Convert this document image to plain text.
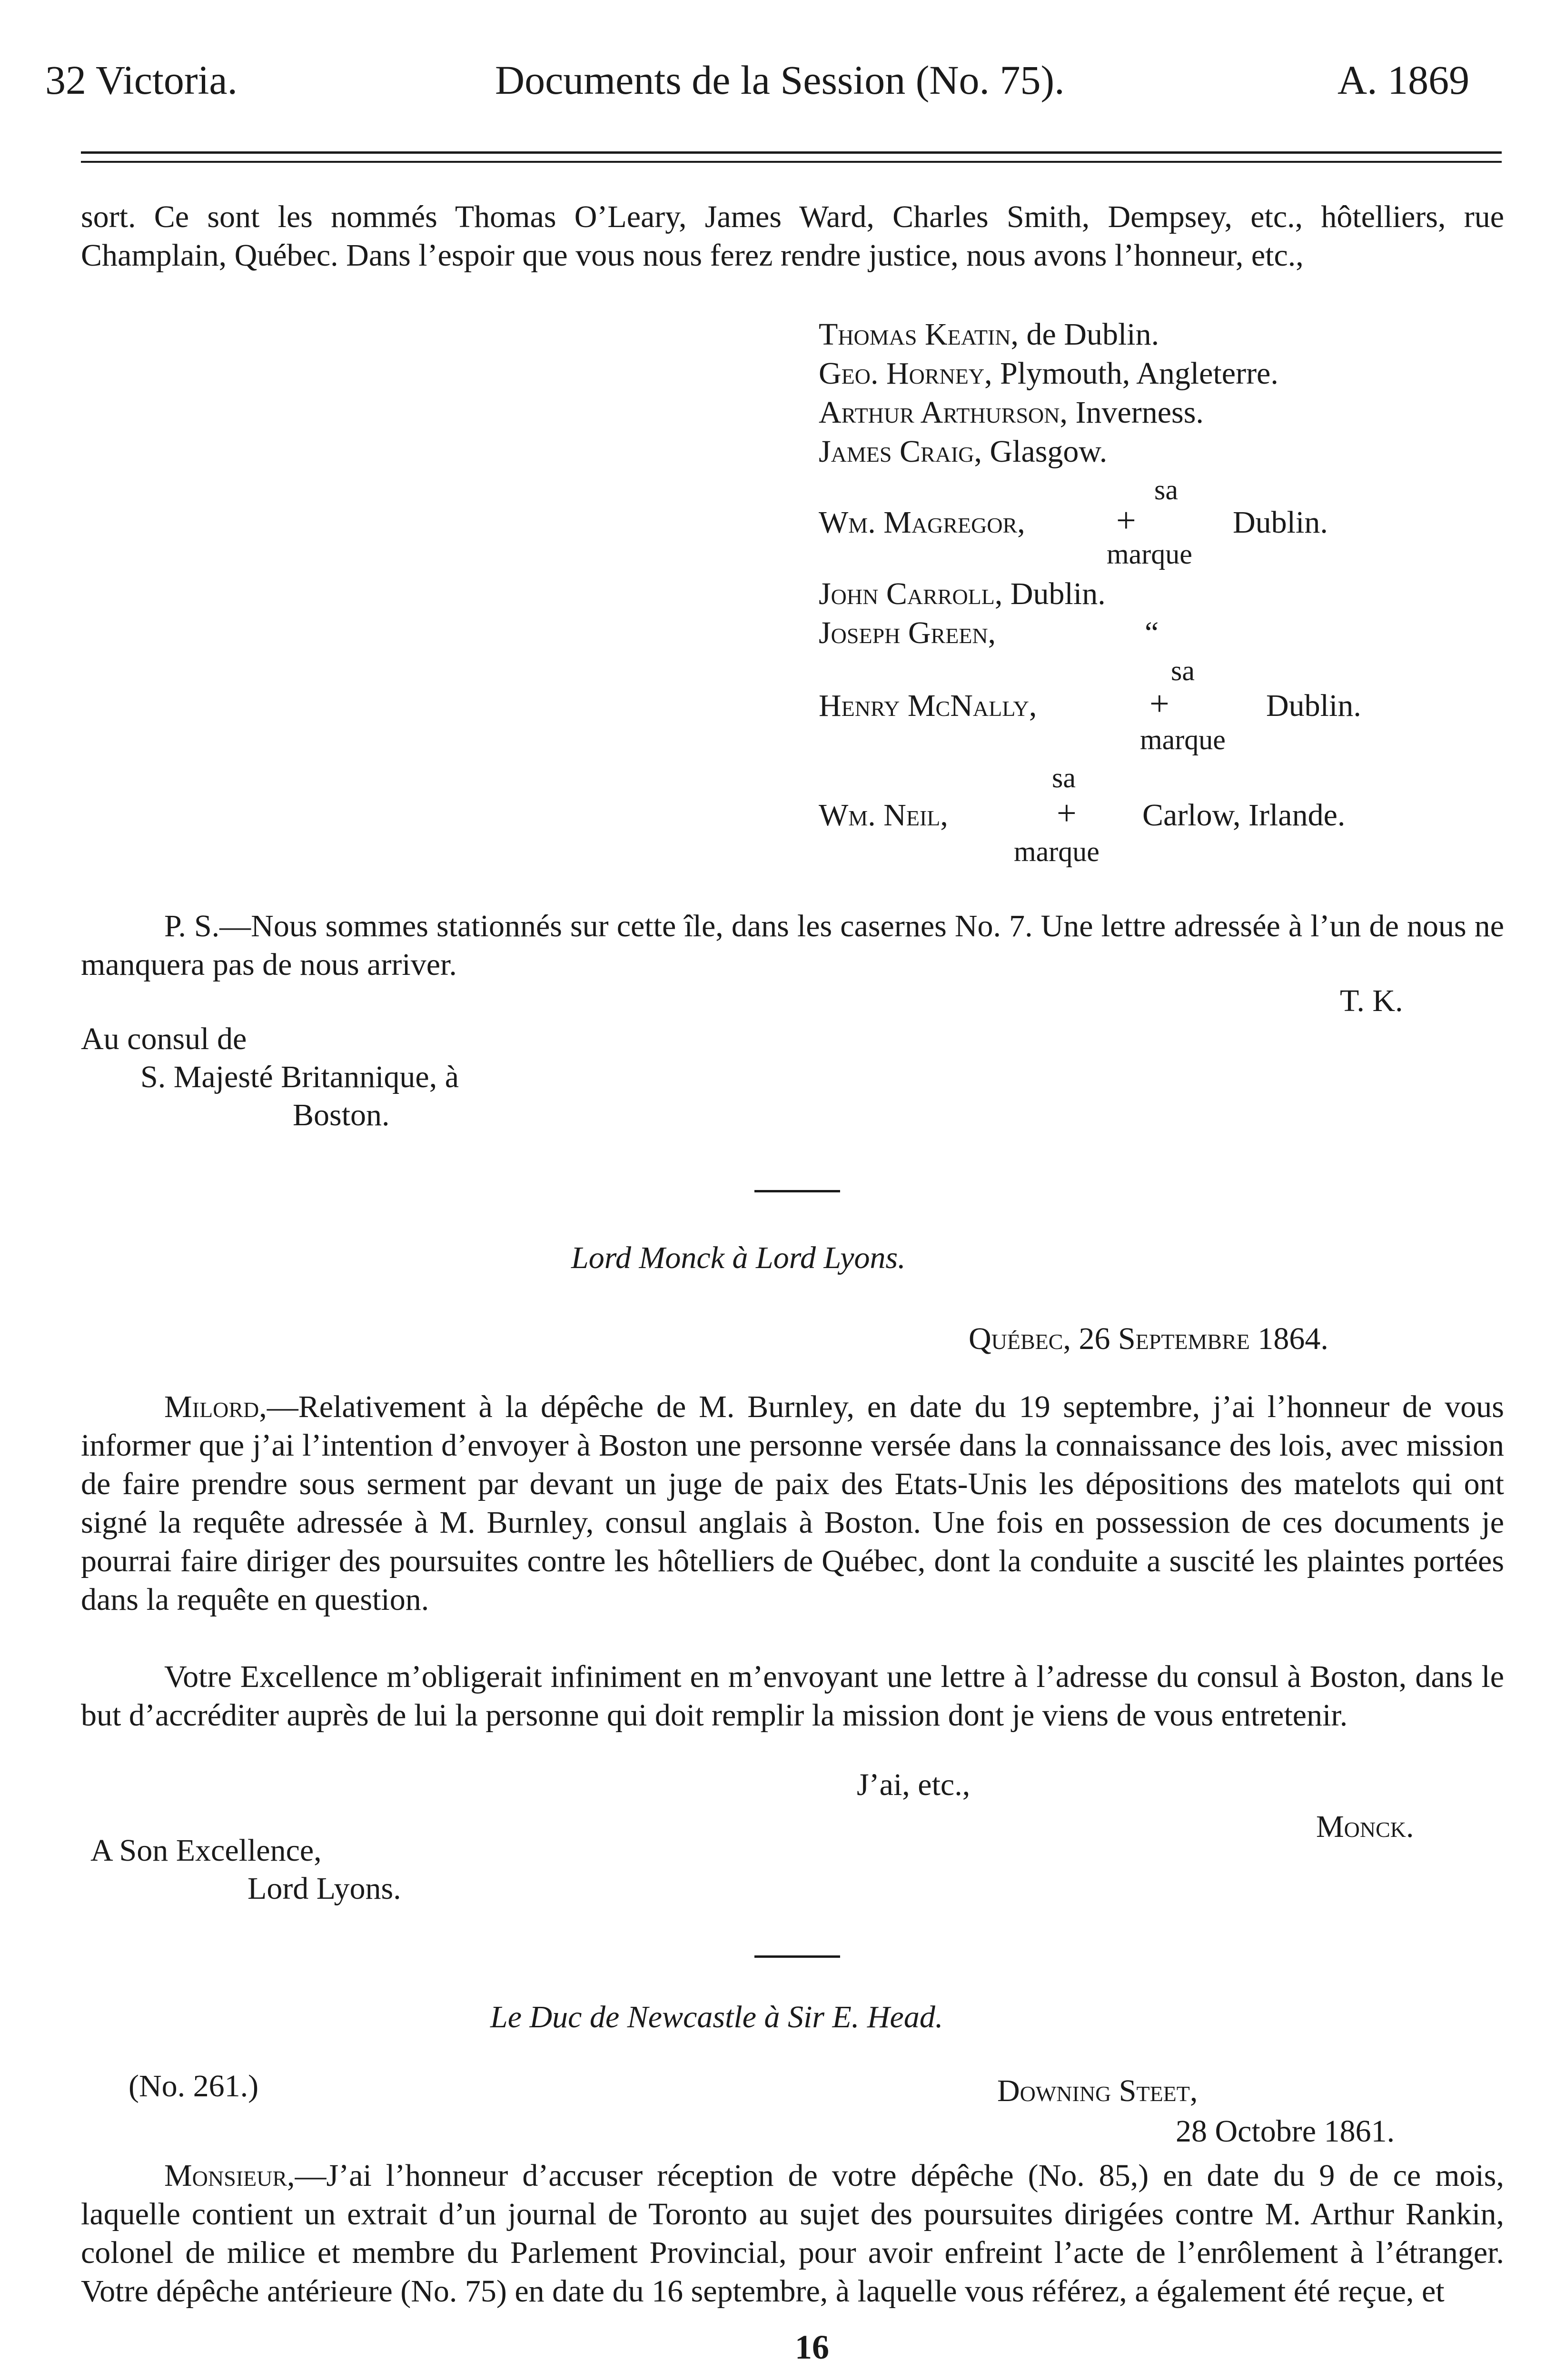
32 Victoria.	Documents de la Session (No. 75).	A. 1869
sort. Ce sont les nommés Thomas O’Leary, James Ward, Charles Smith, Dempsey, etc., hôtelliers, rue Champlain, Québec. Dans l’espoir que vous nous ferez rendre justice, nous avons l’honneur, etc.,
Thomas Keatin, de Dublin.
Geo. Horney, Plymouth, Angleterre.
Arthur Arthurson, Inverness.
James Craig, Glasgow.
sa
Wm. Magregor,	+	Dublin.
marque
John Carroll, Dublin.
Joseph Green,	“
sa
Henry McNally,	+	Dublin.
marque
sa
Wm. Neil,	+ Carlow, Irlande.
marque
P. S.—Nous sommes stationnés sur cette île, dans les casernes No. 7. Une lettre adressée à l’un de nous ne manquera pas de nous arriver.
T. K.
Au consul de
S. Majesté Britannique, à
Boston.
Lord Monck à Lord Lyons.
Québec, 26 Septembre 1864.
Milord,—Relativement à la dépêche de M. Burnley, en date du 19 septembre, j’ai l’honneur de vous informer que j’ai l’intention d’envoyer à Boston une personne versée dans la connaissance des lois, avec mission de faire prendre sous serment par devant un juge de paix des Etats-Unis les dépositions des matelots qui ont signé la requête adressée à M. Burnley, consul anglais à Boston. Une fois en possession de ces documents je pourrai faire diriger des poursuites contre les hôtelliers de Québec, dont la conduite a suscité les plaintes portées dans la requête en question.
Votre Excellence m’obligerait infiniment en m’envoyant une lettre à l’adresse du consul à Boston, dans le but d’accréditer auprès de lui la personne qui doit remplir la mission dont je viens de vous entretenir.
J’ai, etc.,
Monck.
A Son Excellence,
Lord Lyons.
Le Duc de Newcastle à Sir E. Head.
(No. 261.)	Downing Steet,
28 Octobre 1861.
Monsieur,—J’ai l’honneur d’accuser réception de votre dépêche (No. 85,) en date du 9 de ce mois, laquelle contient un extrait d’un journal de Toronto au sujet des poursuites dirigées contre M. Arthur Rankin, colonel de milice et membre du Parlement Provincial, pour avoir enfreint l’acte de l’enrôlement à l’étranger. Votre dépêche antérieure (No. 75) en date du 16 septembre, à laquelle vous référez, a également été reçue, et
16
